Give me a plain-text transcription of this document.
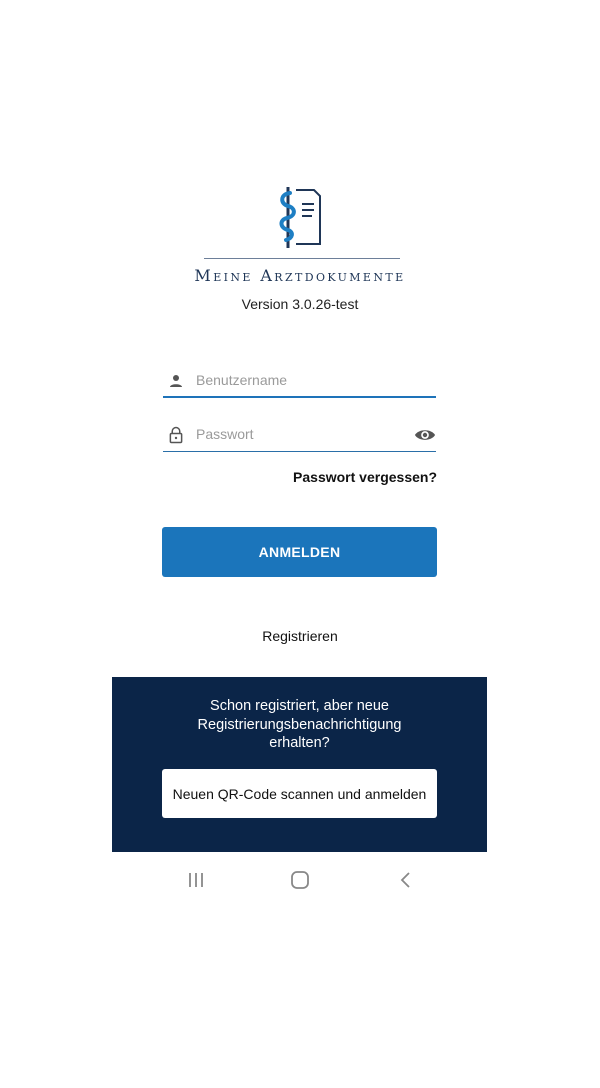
Meine Arztdokumente
Version 3.0.26-test
Benutzername
Passwort vergessen?
ANMELDEN
Registrieren
Schon registriert, aber neue
Registrierungsbenachrichtigung
erhalten?
Neuen QR-Code scannen und anmelden
